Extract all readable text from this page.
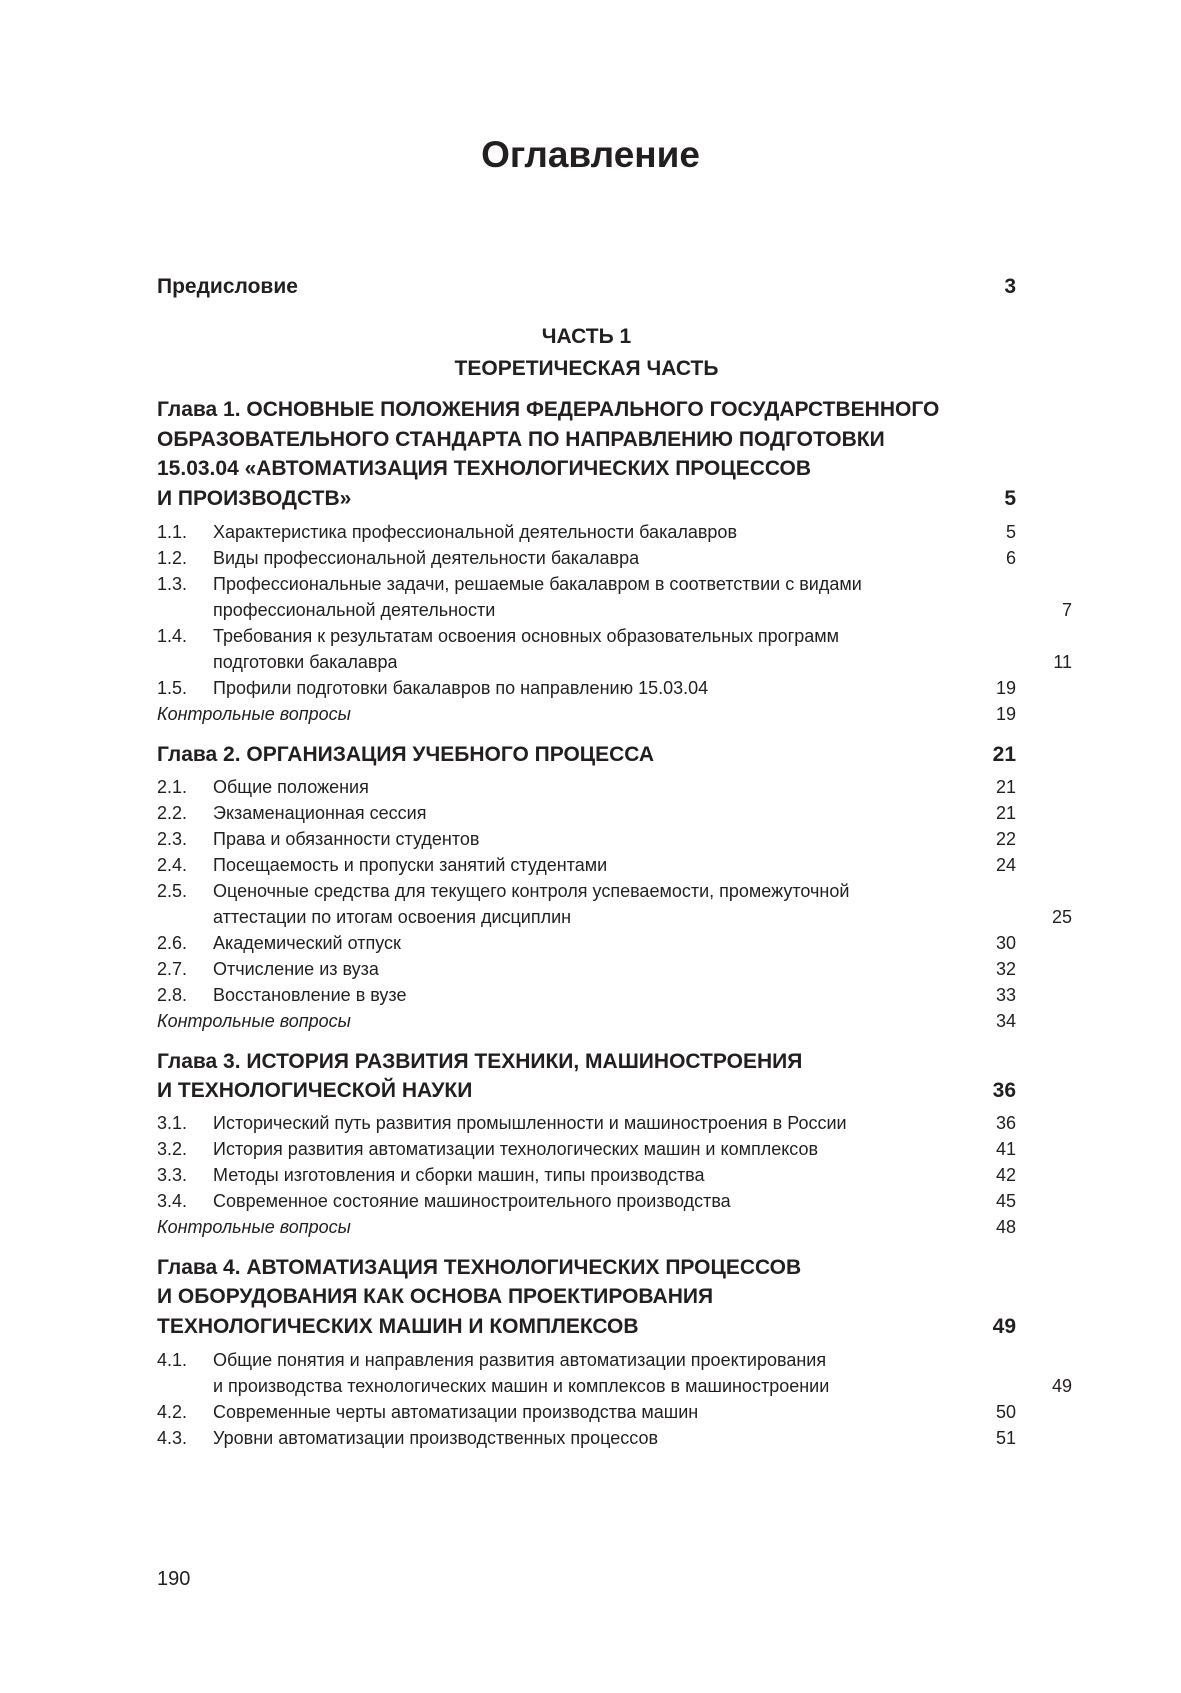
Оглавление
Предисловие	3
ЧАСТЬ 1
ТЕОРЕТИЧЕСКАЯ ЧАСТЬ
Глава 1. ОСНОВНЫЕ ПОЛОЖЕНИЯ ФЕДЕРАЛЬНОГО ГОСУДАРСТВЕННОГО
ОБРАЗОВАТЕЛЬНОГО СТАНДАРТА ПО НАПРАВЛЕНИЮ ПОДГОТОВКИ
15.03.04 «АВТОМАТИЗАЦИЯ ТЕХНОЛОГИЧЕСКИХ ПРОЦЕССОВ
И ПРОИЗВОДСТВ»	5
1.1.	Характеристика профессиональной деятельности бакалавров	5
1.2.	Виды профессиональной деятельности бакалавра	6
1.3.	Профессиональные задачи, решаемые бакалавром в соответствии с видами
профессиональной деятельности	7
1.4.	Требования к результатам освоения основных образовательных программ
подготовки бакалавра	11
1.5.	Профили подготовки бакалавров по направлению 15.03.04	19
Контрольные вопросы	19
Глава 2. ОРГАНИЗАЦИЯ УЧЕБНОГО ПРОЦЕССА	21
2.1.	Общие положения	21
2.2.	Экзаменационная сессия	21
2.3.	Права и обязанности студентов	22
2.4.	Посещаемость и пропуски занятий студентами	24
2.5.	Оценочные средства для текущего контроля успеваемости, промежуточной
аттестации по итогам освоения дисциплин	25
2.6.	Академический отпуск	30
2.7.	Отчисление из вуза	32
2.8.	Восстановление в вузе	33
Контрольные вопросы	34
Глава 3. ИСТОРИЯ РАЗВИТИЯ ТЕХНИКИ, МАШИНОСТРОЕНИЯ
И ТЕХНОЛОГИЧЕСКОЙ НАУКИ	36
3.1.	Исторический путь развития промышленности и машиностроения в России	36
3.2.	История развития автоматизации технологических машин и комплексов	41
3.3.	Методы изготовления и сборки машин, типы производства	42
3.4.	Современное состояние машиностроительного производства	45
Контрольные вопросы	48
Глава 4. АВТОМАТИЗАЦИЯ ТЕХНОЛОГИЧЕСКИХ ПРОЦЕССОВ
И ОБОРУДОВАНИЯ КАК ОСНОВА ПРОЕКТИРОВАНИЯ
ТЕХНОЛОГИЧЕСКИХ МАШИН И КОМПЛЕКСОВ	49
4.1.	Общие понятия и направления развития автоматизации проектирования
и производства технологических машин и комплексов в машиностроении	49
4.2.	Современные черты автоматизации производства машин	50
4.3.	Уровни автоматизации производственных процессов	51
190
